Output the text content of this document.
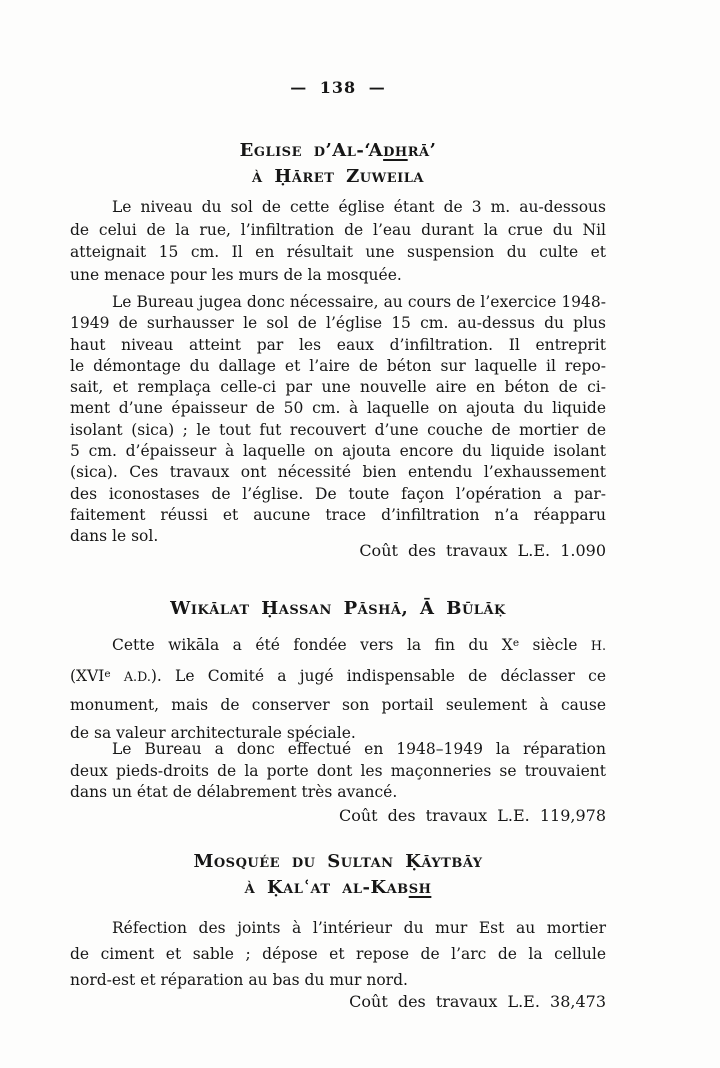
— 138 —
Eglise d’Al-‘Adhrā’
à Ḥāret Zuweila
Le niveau du sol de cette église étant de 3 m. au-dessous
de celui de la rue, l’infiltration de l’eau durant la crue du Nil
atteignait 15 cm. Il en résultait une suspension du culte et
une menace pour les murs de la mosquée.
Le Bureau jugea donc nécessaire, au cours de l’exercice 1948-
1949 de surhausser le sol de l’église 15 cm. au-dessus du plus
haut niveau atteint par les eaux d’infiltration. Il entreprit
le démontage du dallage et l’aire de béton sur laquelle il repo-
sait, et remplaça celle-ci par une nouvelle aire en béton de ci-
ment d’une épaisseur de 50 cm. à laquelle on ajouta du liquide
isolant (sica) ; le tout fut recouvert d’une couche de mortier de
5 cm. d’épaisseur à laquelle on ajouta encore du liquide isolant
(sica). Ces travaux ont nécessité bien entendu l’exhaussement
des iconostases de l’église. De toute façon l’opération a par-
faitement réussi et aucune trace d’infiltration n’a réapparu
dans le sol.
Coût des travaux L.E. 1.090
Wikālat Ḥassan Pāshā, Ā Būlāḳ
Cette wikāla a été fondée vers la fin du Xe siècle H.
(XVIe A.D.). Le Comité a jugé indispensable de déclasser ce
monument, mais de conserver son portail seulement à cause
de sa valeur architecturale spéciale.
Le Bureau a donc effectué en 1948–1949 la réparation
deux pieds-droits de la porte dont les maçonneries se trouvaient
dans un état de délabrement très avancé.
Coût des travaux L.E. 119,978
Mosquée du Sultan Ḳāytbāy
à Ḳalʿat al-Kabsh
Réfection des joints à l’intérieur du mur Est au mortier
de ciment et sable ; dépose et repose de l’arc de la cellule
nord-est et réparation au bas du mur nord.
Coût des travaux L.E. 38,473
